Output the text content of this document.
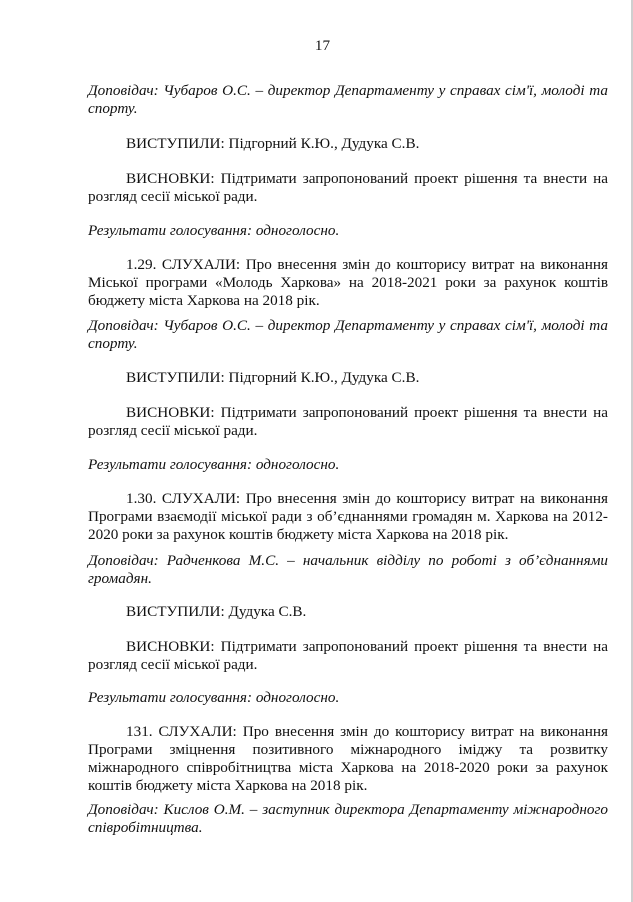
17
Доповідач: Чубаров О.С. – директор Департаменту у справах сім'ї, молоді та спорту.
ВИСТУПИЛИ: Підгорний К.Ю., Дудука С.В.
ВИСНОВКИ: Підтримати запропонований проект рішення та внести на розгляд сесії міської ради.
Результати голосування: одноголосно.
1.29. СЛУХАЛИ: Про внесення змін до кошторису витрат на виконання Міської програми «Молодь Харкова» на 2018-2021 роки за рахунок коштів бюджету міста Харкова на 2018 рік.
Доповідач: Чубаров О.С. – директор Департаменту у справах сім'ї, молоді та спорту.
ВИСТУПИЛИ: Підгорний К.Ю., Дудука С.В.
ВИСНОВКИ: Підтримати запропонований проект рішення та внести на розгляд сесії міської ради.
Результати голосування: одноголосно.
1.30. СЛУХАЛИ: Про внесення змін до кошторису витрат на виконання Програми взаємодії міської ради з об’єднаннями громадян м. Харкова на 2012-2020 роки за рахунок коштів бюджету міста Харкова на 2018 рік.
Доповідач: Радченкова М.С. – начальник відділу по роботі з об’єднаннями громадян.
ВИСТУПИЛИ: Дудука С.В.
ВИСНОВКИ: Підтримати запропонований проект рішення та внести на розгляд сесії міської ради.
Результати голосування: одноголосно.
131. СЛУХАЛИ: Про внесення змін до кошторису витрат на виконання Програми зміцнення позитивного міжнародного іміджу та розвитку міжнародного співробітництва міста Харкова на 2018-2020 роки за рахунок коштів бюджету міста Харкова на 2018 рік.
Доповідач: Кислов О.М. – заступник директора Департаменту міжнародного співробітництва.
